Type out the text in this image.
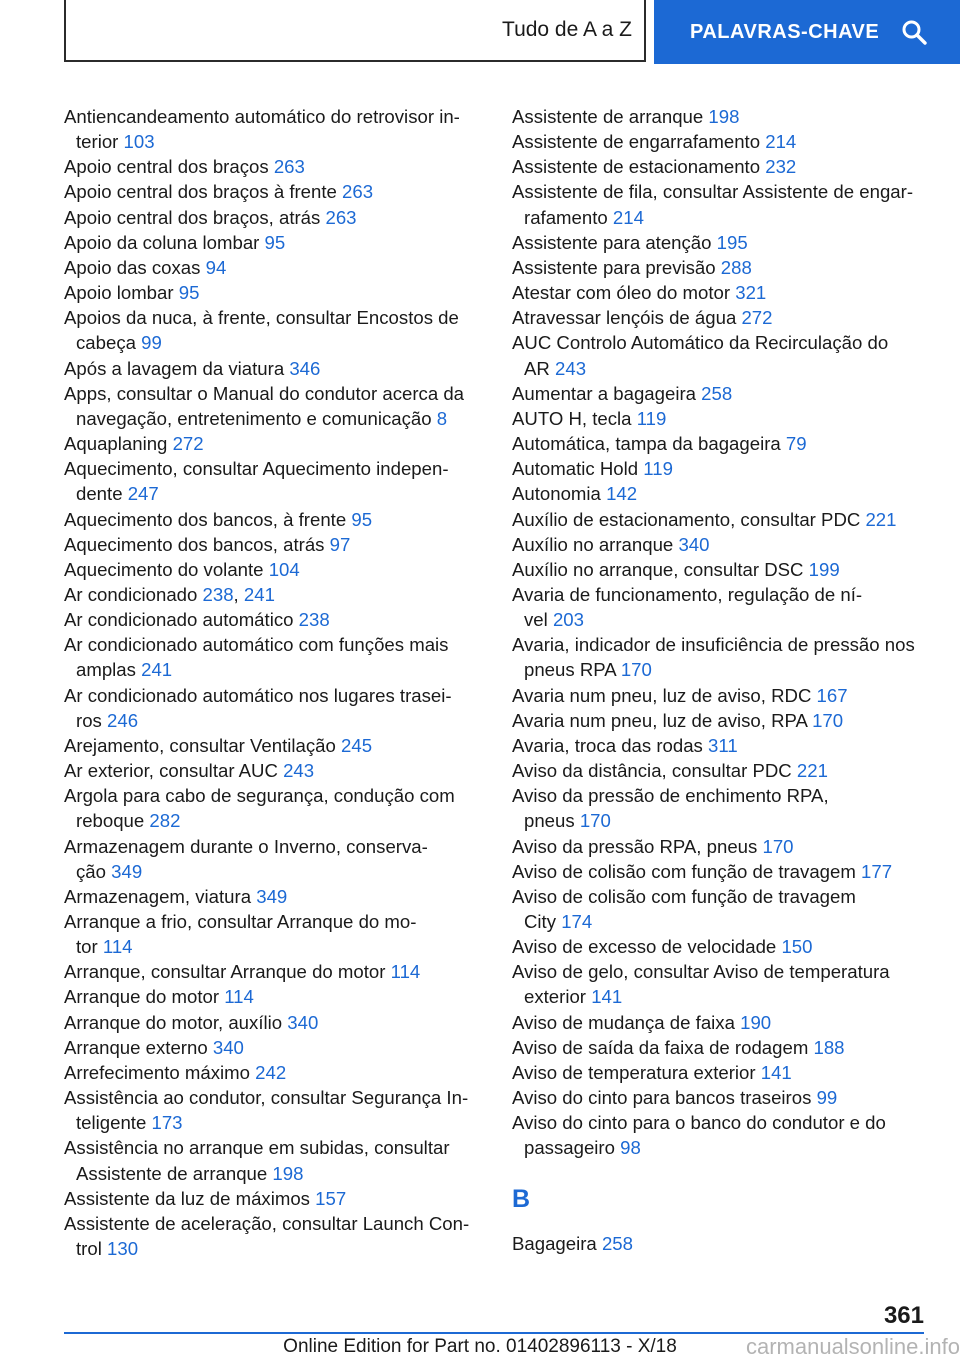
Tudo de A a Z	PALAVRAS-CHAVE
Antiencandeamento automático do retrovisor in-
terior 103
Apoio central dos braços 263
Apoio central dos braços à frente 263
Apoio central dos braços, atrás 263
Apoio da coluna lombar 95
Apoio das coxas 94
Apoio lombar 95
Apoios da nuca, à frente, consultar Encostos de
cabeça 99
Após a lavagem da viatura 346
Apps, consultar o Manual do condutor acerca da
navegação, entretenimento e comunicação 8
Aquaplaning 272
Aquecimento, consultar Aquecimento indepen-
dente 247
Aquecimento dos bancos, à frente 95
Aquecimento dos bancos, atrás 97
Aquecimento do volante 104
Ar condicionado 238, 241
Ar condicionado automático 238
Ar condicionado automático com funções mais
amplas 241
Ar condicionado automático nos lugares trasei-
ros 246
Arejamento, consultar Ventilação 245
Ar exterior, consultar AUC 243
Argola para cabo de segurança, condução com
reboque 282
Armazenagem durante o Inverno, conserva-
ção 349
Armazenagem, viatura 349
Arranque a frio, consultar Arranque do mo-
tor 114
Arranque, consultar Arranque do motor 114
Arranque do motor 114
Arranque do motor, auxílio 340
Arranque externo 340
Arrefecimento máximo 242
Assistência ao condutor, consultar Segurança In-
teligente 173
Assistência no arranque em subidas, consultar
Assistente de arranque 198
Assistente da luz de máximos 157
Assistente de aceleração, consultar Launch Con-
trol 130
Assistente de arranque 198
Assistente de engarrafamento 214
Assistente de estacionamento 232
Assistente de fila, consultar Assistente de engar-
rafamento 214
Assistente para atenção 195
Assistente para previsão 288
Atestar com óleo do motor 321
Atravessar lençóis de água 272
AUC Controlo Automático da Recirculação do
AR 243
Aumentar a bagageira 258
AUTO H, tecla 119
Automática, tampa da bagageira 79
Automatic Hold 119
Autonomia 142
Auxílio de estacionamento, consultar PDC 221
Auxílio no arranque 340
Auxílio no arranque, consultar DSC 199
Avaria de funcionamento, regulação de ní-
vel 203
Avaria, indicador de insuficiência de pressão nos
pneus RPA 170
Avaria num pneu, luz de aviso, RDC 167
Avaria num pneu, luz de aviso, RPA 170
Avaria, troca das rodas 311
Aviso da distância, consultar PDC 221
Aviso da pressão de enchimento RPA,
pneus 170
Aviso da pressão RPA, pneus 170
Aviso de colisão com função de travagem 177
Aviso de colisão com função de travagem
City 174
Aviso de excesso de velocidade 150
Aviso de gelo, consultar Aviso de temperatura
exterior 141
Aviso de mudança de faixa 190
Aviso de saída da faixa de rodagem 188
Aviso de temperatura exterior 141
Aviso do cinto para bancos traseiros 99
Aviso do cinto para o banco do condutor e do
passageiro 98
B
Bagageira 258
361
Online Edition for Part no. 01402896113 - X/18	carmanualsonline.info
